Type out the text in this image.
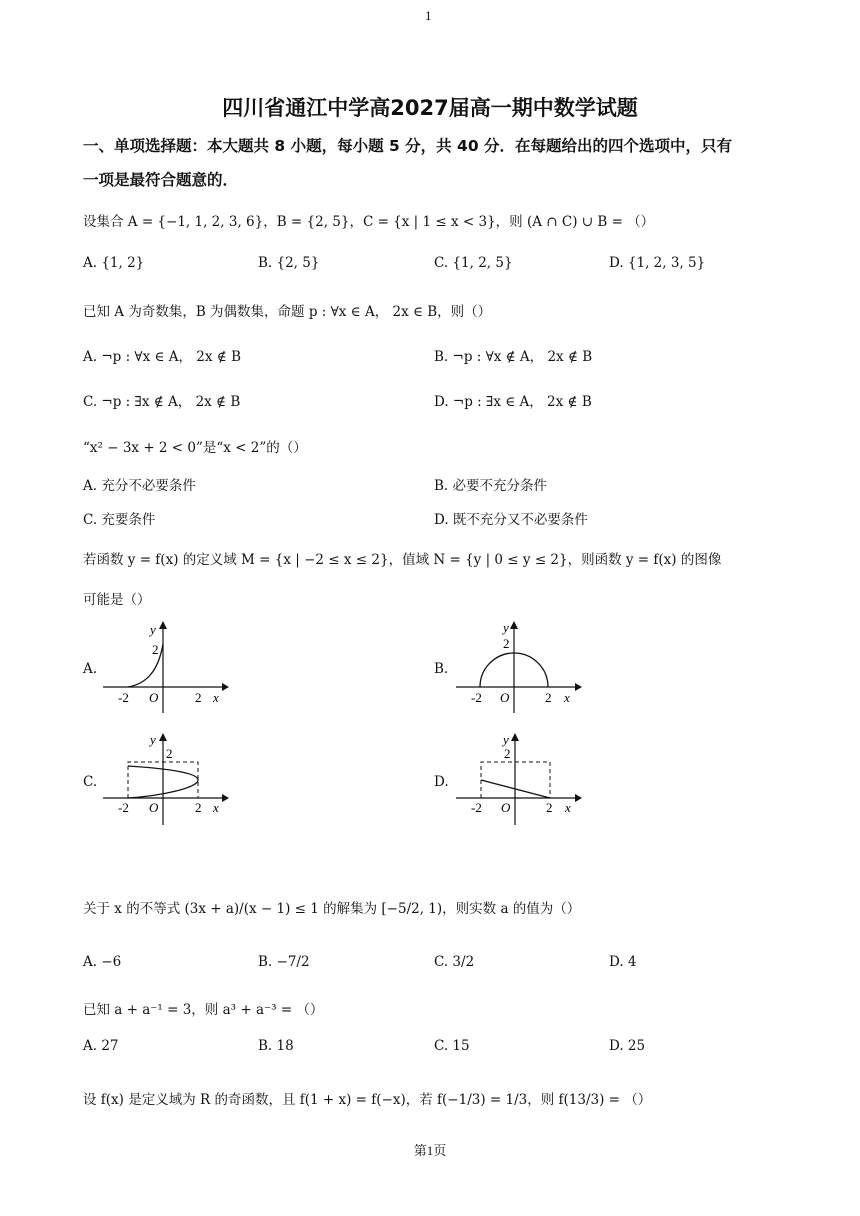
1
四川省通江中学高2027届高一期中数学试题
一、单项选择题：本大题共 8 小题，每小题 5 分，共 40 分．在每题给出的四个选项中，只有
一项是最符合题意的．
设集合 A = {−1, 1, 2, 3, 6}，B = {2, 5}，C = {x | 1 ≤ x < 3}，则 (A ∩ C) ∪ B = （）
A. {1, 2}	B. {2, 5}	C. {1, 2, 5}	D. {1, 2, 3, 5}
已知 A 为奇数集，B 为偶数集，命题 p : ∀x ∈ A， 2x ∈ B，则（）
A. ¬p : ∀x ∈ A， 2x ∉ B	B. ¬p : ∀x ∉ A， 2x ∉ B
C. ¬p : ∃x ∉ A， 2x ∉ B	D. ¬p : ∃x ∈ A， 2x ∉ B
“x² − 3x + 2 < 0”是“x < 2”的（）
A. 充分不必要条件	B. 必要不充分条件
C. 充要条件	D. 既不充分又不必要条件
若函数 y = f(x) 的定义域 M = {x | −2 ≤ x ≤ 2}，值域 N = {y | 0 ≤ y ≤ 2}，则函数 y = f(x) 的图像
可能是（）
A.
y
2
-2 O	2 x
B.
y
2
-2 O	2 x
C.
y
2
-2 O	2 x
D.
y
2
-2 O	2 x
关于 x 的不等式 (3x + a)/(x − 1) ≤ 1 的解集为 [−5/2, 1)，则实数 a 的值为（）
A. −6	B. −7/2	C. 3/2	D. 4
已知 a + a⁻¹ = 3，则 a³ + a⁻³ = （）
A. 27	B. 18	C. 15	D. 25
设 f(x) 是定义域为 R 的奇函数，且 f(1 + x) = f(−x)，若 f(−1/3) = 1/3，则 f(13/3) = （）
第1页
